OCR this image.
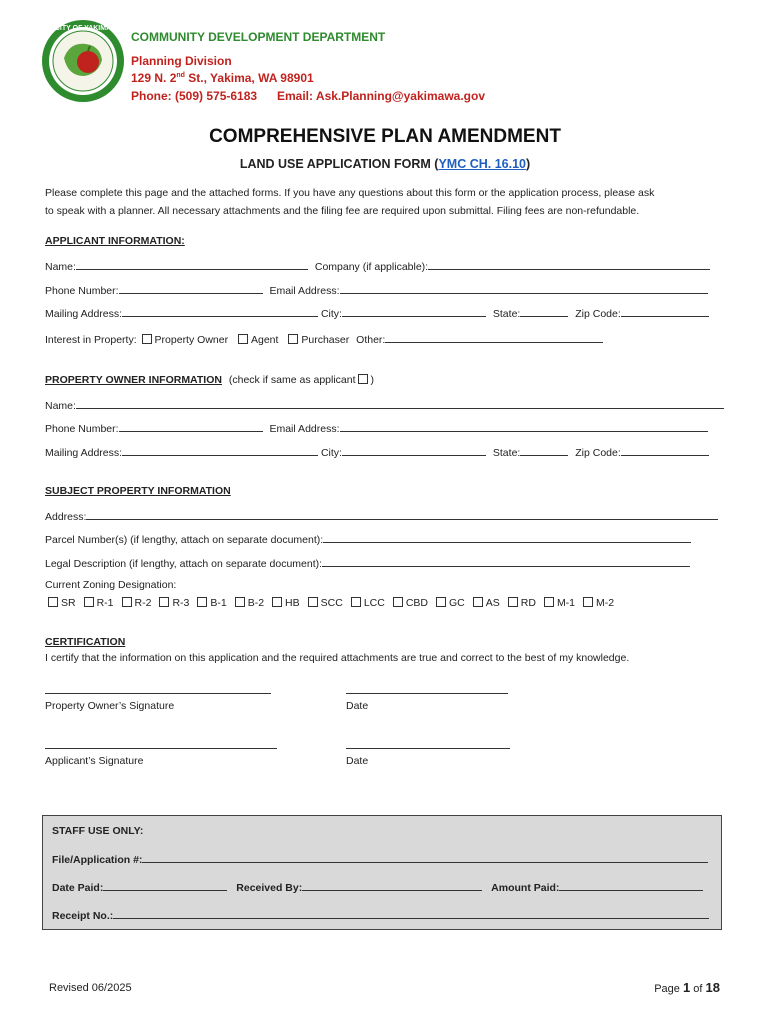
CITY OF YAKIMA
COMMUNITY DEVELOPMENT DEPARTMENT
Planning Division
129 N. 2nd St., Yakima, WA 98901
Phone: (509) 575-6183 Email: Ask.Planning@yakimawa.gov
COMPREHENSIVE PLAN AMENDMENT
LAND USE APPLICATION FORM (YMC CH. 16.10)
Please complete this page and the attached forms. If you have any questions about this form or the application process, please ask
to speak with a planner. All necessary attachments and the filing fee are required upon submittal. Filing fees are non-refundable.
APPLICANT INFORMATION:
Name:	Company (if applicable):
Phone Number:	Email Address:
Mailing Address:	City:	State:	Zip Code:
Interest in Property: Property Owner Agent Purchaser Other:
PROPERTY OWNER INFORMATION (check if same as applicant )
Name:
Phone Number:	Email Address:
Mailing Address:	City:	State:	Zip Code:
SUBJECT PROPERTY INFORMATION
Address:
Parcel Number(s) (if lengthy, attach on separate document):
Legal Description (if lengthy, attach on separate document):
Current Zoning Designation:
SR R-1 R-2 R-3 B-1 B-2 HB SCC LCC CBD GC AS RD M-1 M-2
CERTIFICATION
I certify that the information on this application and the required attachments are true and correct to the best of my knowledge.
Property Owner’s Signature	Date
Applicant’s Signature	Date
STAFF USE ONLY:
File/Application #:
Date Paid:	Received By:	Amount Paid:
Receipt No.:
Revised 06/2025	Page 1 of 18
